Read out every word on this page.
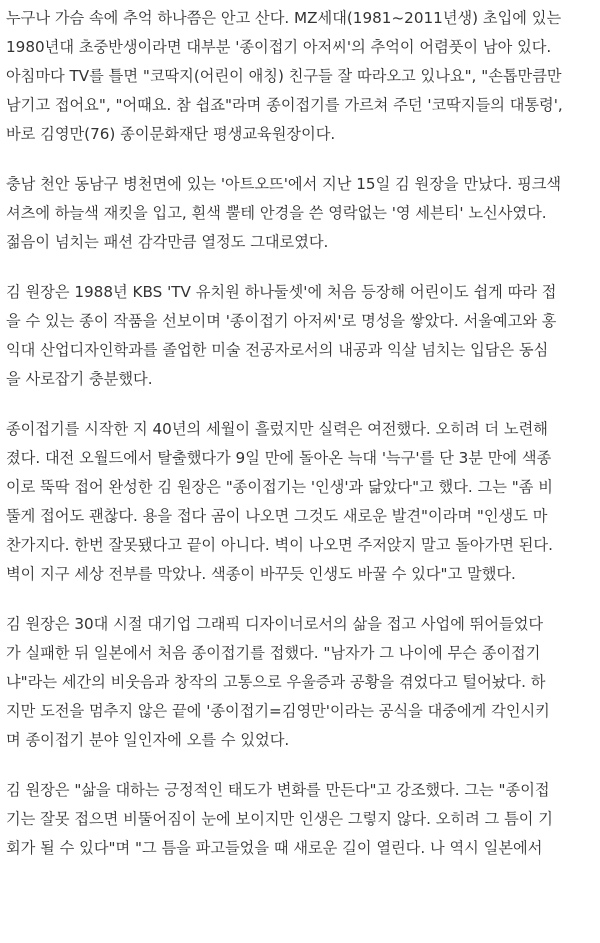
누구나 가슴 속에 추억 하나쯤은 안고 산다. MZ세대(1981~2011년생) 초입에 있는
1980년대 초중반생이라면 대부분 '종이접기 아저씨'의 추억이 어렴풋이 남아 있다.
아침마다 TV를 틀면 "코딱지(어린이 애칭) 친구들 잘 따라오고 있나요", "손톱만큼만
남기고 접어요", "어때요. 참 쉽죠"라며 종이접기를 가르쳐 주던 '코딱지들의 대통령',
바로 김영만(76) 종이문화재단 평생교육원장이다.
충남 천안 동남구 병천면에 있는 '아트오뜨'에서 지난 15일 김 원장을 만났다. 핑크색
셔츠에 하늘색 재킷을 입고, 흰색 뿔테 안경을 쓴 영락없는 '영 세븐티' 노신사였다.
젊음이 넘치는 패션 감각만큼 열정도 그대로였다.
김 원장은 1988년 KBS 'TV 유치원 하나둘셋'에 처음 등장해 어린이도 쉽게 따라 접
을 수 있는 종이 작품을 선보이며 '종이접기 아저씨'로 명성을 쌓았다. 서울예고와 홍
익대 산업디자인학과를 졸업한 미술 전공자로서의 내공과 익살 넘치는 입담은 동심
을 사로잡기 충분했다.
종이접기를 시작한 지 40년의 세월이 흘렀지만 실력은 여전했다. 오히려 더 노련해
졌다. 대전 오월드에서 탈출했다가 9일 만에 돌아온 늑대 '늑구'를 단 3분 만에 색종
이로 뚝딱 접어 완성한 김 원장은 "종이접기는 '인생'과 닮았다"고 했다. 그는 "좀 비
뚤게 접어도 괜찮다. 용을 접다 곰이 나오면 그것도 새로운 발견"이라며 "인생도 마
찬가지다. 한번 잘못됐다고 끝이 아니다. 벽이 나오면 주저앉지 말고 돌아가면 된다.
벽이 지구 세상 전부를 막았나. 색종이 바꾸듯 인생도 바꿀 수 있다"고 말했다.
김 원장은 30대 시절 대기업 그래픽 디자이너로서의 삶을 접고 사업에 뛰어들었다
가 실패한 뒤 일본에서 처음 종이접기를 접했다. "남자가 그 나이에 무슨 종이접기
냐"라는 세간의 비웃음과 창작의 고통으로 우울증과 공황을 겪었다고 털어놨다. 하
지만 도전을 멈추지 않은 끝에 '종이접기=김영만'이라는 공식을 대중에게 각인시키
며 종이접기 분야 일인자에 오를 수 있었다.
김 원장은 "삶을 대하는 긍정적인 태도가 변화를 만든다"고 강조했다. 그는 "종이접
기는 잘못 접으면 비뚤어짐이 눈에 보이지만 인생은 그렇지 않다. 오히려 그 틈이 기
회가 될 수 있다"며 "그 틈을 파고들었을 때 새로운 길이 열린다. 나 역시 일본에서
